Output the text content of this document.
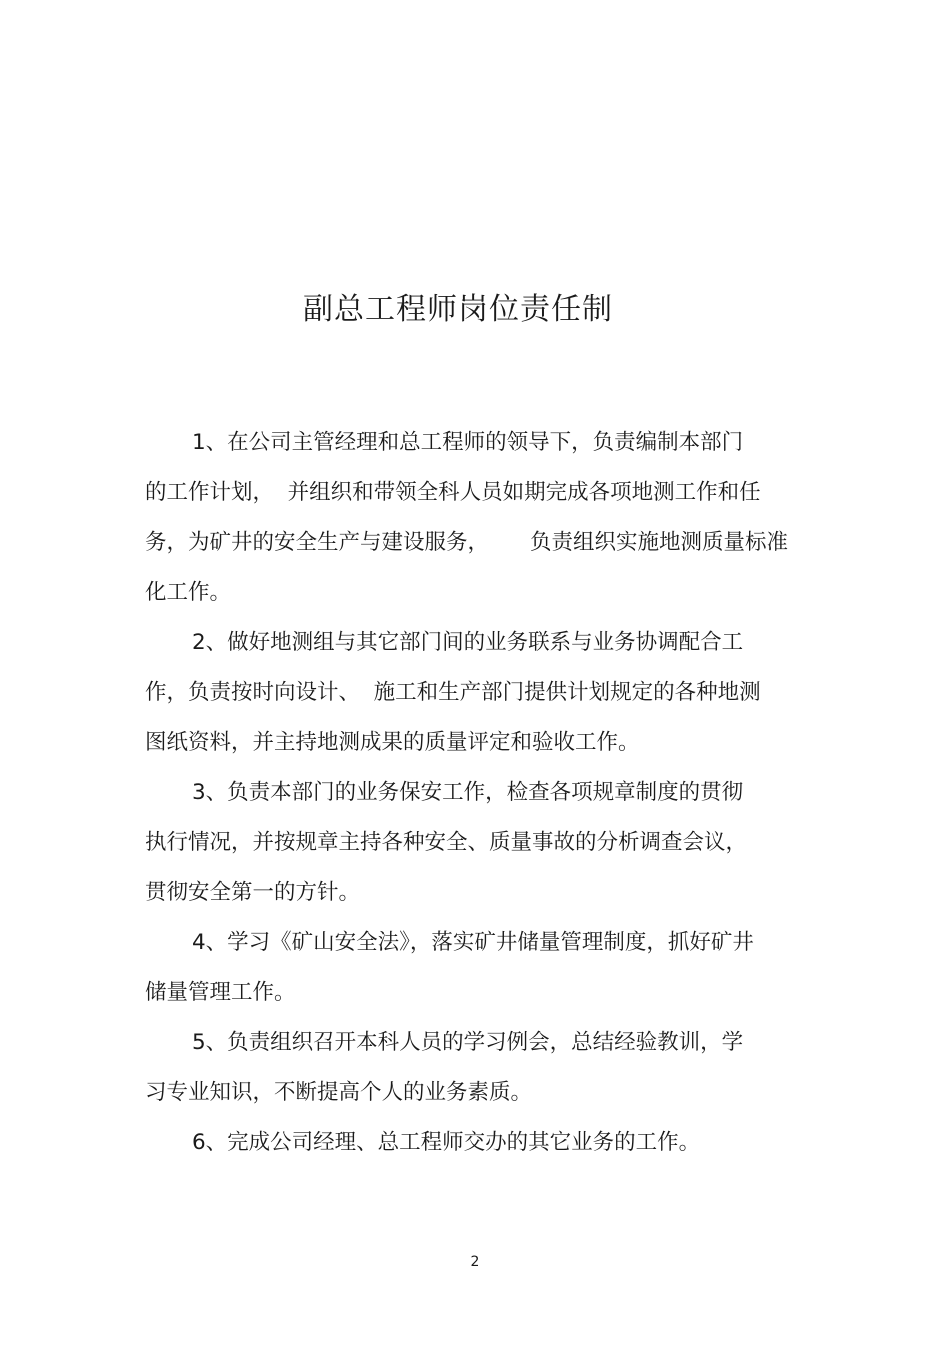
副总工程师岗位责任制

1、在公司主管经理和总工程师的领导下，负责编制本部门

的工作计划，  并组织和带领全科人员如期完成各项地测工作和任

务，为矿井的安全生产与建设服务，      负责组织实施地测质量标准

化工作。

2、做好地测组与其它部门间的业务联系与业务协调配合工

作，负责按时向设计、  施工和生产部门提供计划规定的各种地测

图纸资料，并主持地测成果的质量评定和验收工作。

3、负责本部门的业务保安工作，检查各项规章制度的贯彻

执行情况，并按规章主持各种安全、质量事故的分析调查会议，

贯彻安全第一的方针。

4、学习《矿山安全法》，落实矿井储量管理制度，抓好矿井

储量管理工作。

5、负责组织召开本科人员的学习例会，总结经验教训，学

习专业知识，不断提高个人的业务素质。

6、完成公司经理、总工程师交办的其它业务的工作。

2
